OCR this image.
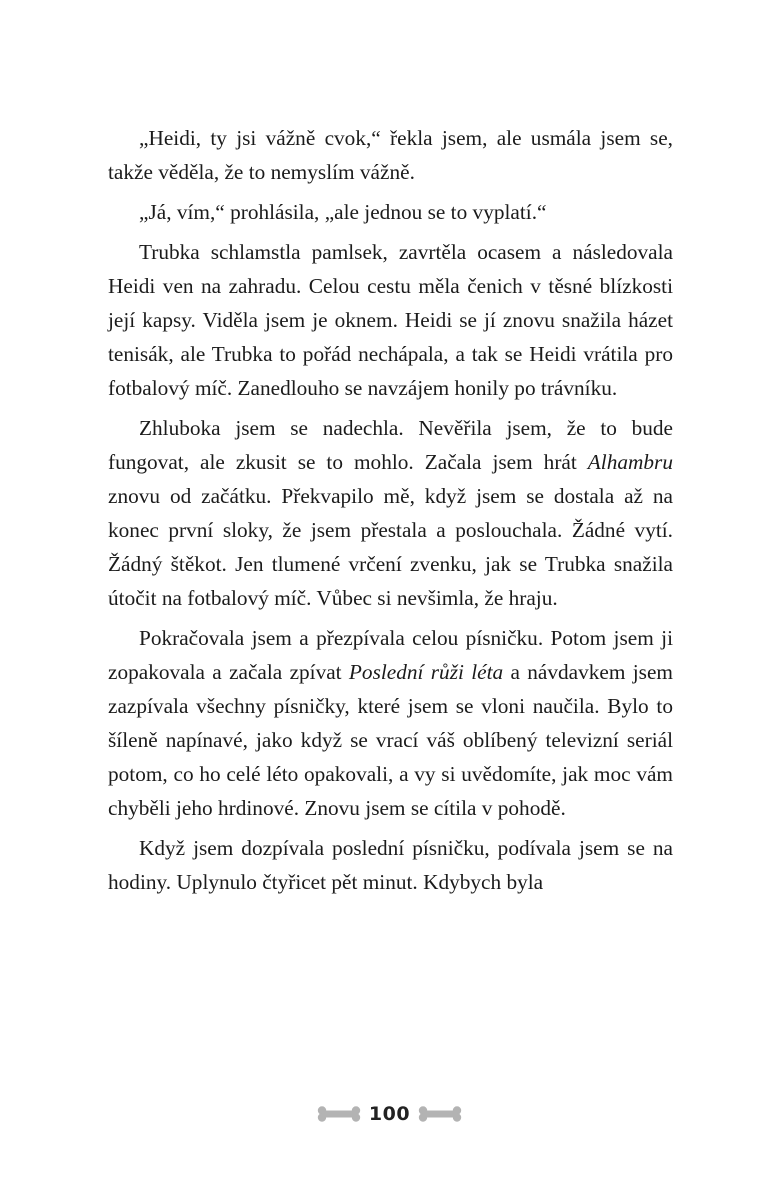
„Heidi, ty jsi vážně cvok,“ řekla jsem, ale usmála jsem se, takže věděla, že to nemyslím vážně.

„Já, vím,“ prohlásila, „ale jednou se to vyplatí.“

Trubka schlamstla pamlsek, zavrtěla ocasem a následovala Heidi ven na zahradu. Celou cestu měla čenich v těsné blízkosti její kapsy. Viděla jsem je oknem. Heidi se jí znovu snažila házet tenisák, ale Trubka to pořád nechápala, a tak se Heidi vrátila pro fotbalový míč. Zanedlouho se navzájem honily po trávníku.

Zhluboka jsem se nadechla. Nevěřila jsem, že to bude fungovat, ale zkusit se to mohlo. Začala jsem hrát Alhambru znovu od začátku. Překvapilo mě, když jsem se dostala až na konec první sloky, že jsem přestala a poslouchala. Žádné vytí. Žádný štěkot. Jen tlumené vrčení zvenku, jak se Trubka snažila útočit na fotbalový míč. Vůbec si nevšimla, že hraju.

Pokračovala jsem a přezpívala celou písničku. Potom jsem ji zopakovala a začala zpívat Poslední růži léta a návdavkem jsem zazpívala všechny písničky, které jsem se vloni naučila. Bylo to šíleně napínavé, jako když se vrací váš oblíbený televizní seriál potom, co ho celé léto opakovali, a vy si uvědomíte, jak moc vám chyběli jeho hrdinové. Znovu jsem se cítila v pohodě.

Když jsem dozpívala poslední písničku, podívala jsem se na hodiny. Uplynulo čtyřicet pět minut. Kdybych byla

100
